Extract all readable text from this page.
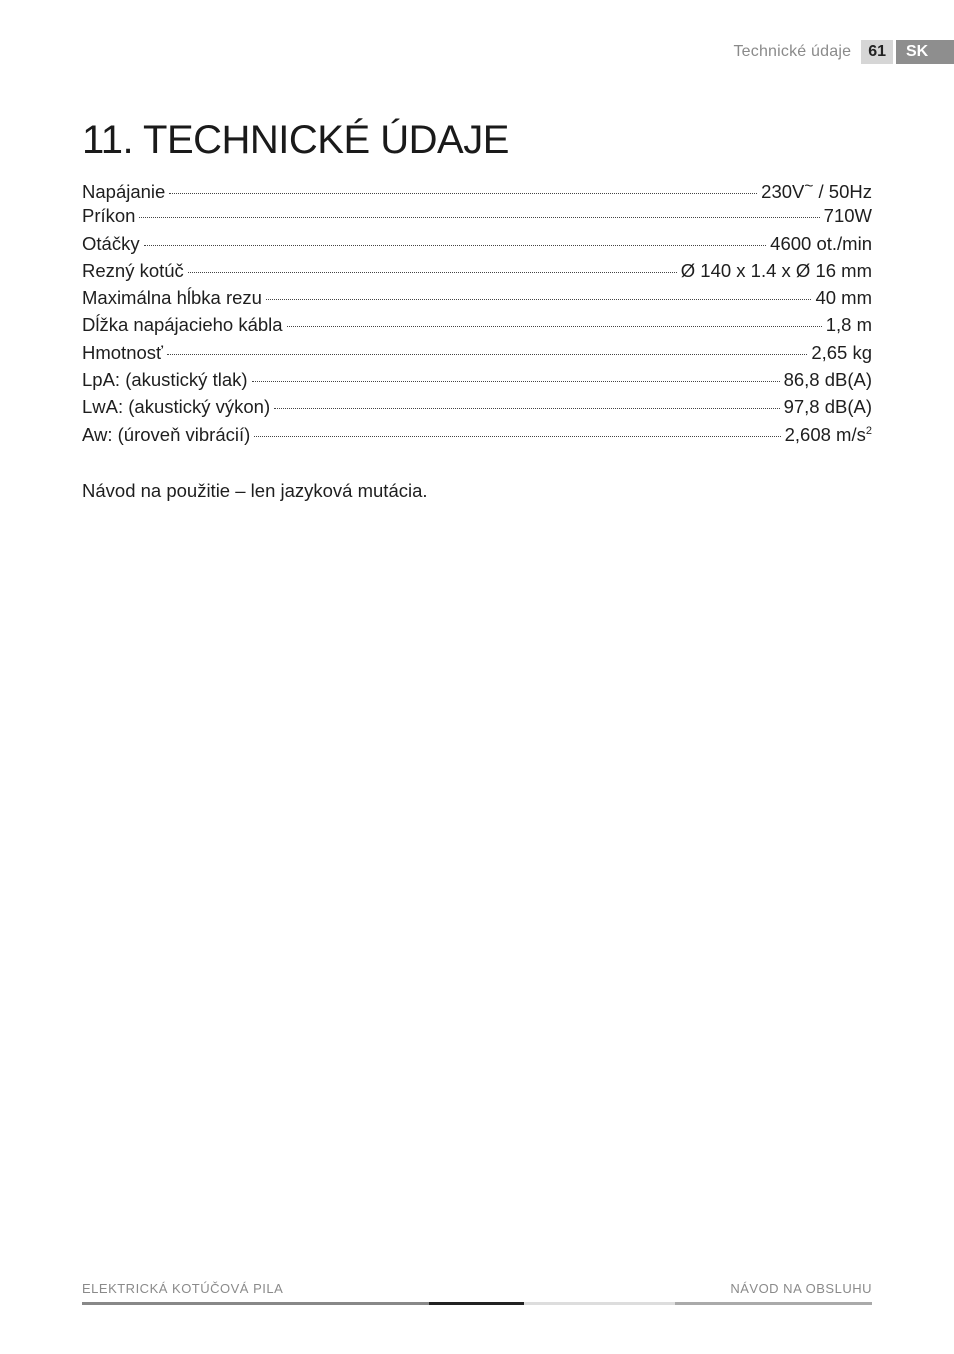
Technické údaje	61	SK
11. TECHNICKÉ ÚDAJE
Napájanie	230V~ / 50Hz
Príkon	710W
Otáčky	4600 ot./min
Rezný kotúč	Ø 140 x 1.4 x Ø 16 mm
Maximálna hĺbka rezu	40 mm
Dĺžka napájacieho kábla	1,8 m
Hmotnosť	2,65 kg
LpA: (akustický tlak)	86,8 dB(A)
LwA: (akustický výkon)	97,8 dB(A)
Aw: (úroveň vibrácií)	2,608 $m/s^2$

Návod na použitie – len jazyková mutácia.

ELEKTRICKÁ KOTÚČOVÁ PILA	NÁVOD NA OBSLUHU
